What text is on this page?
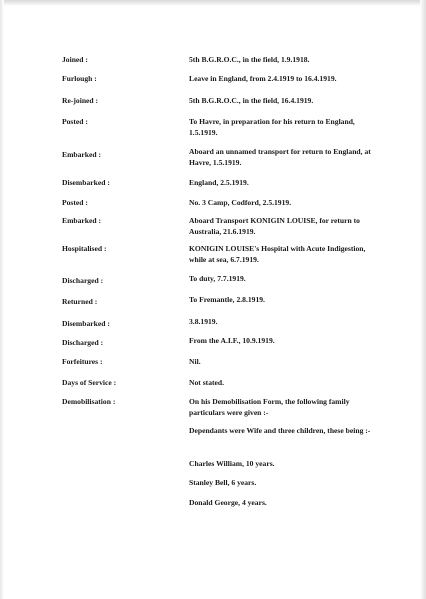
Joined :	5th B.G.R.O.C., in the field, 1.9.1918.
Furlough :	Leave in England, from 2.4.1919 to 16.4.1919.
Re-joined :	5th B.G.R.O.C., in the field, 16.4.1919.
Posted :	To Havre, in preparation for his return to England, 1.5.1919.
Embarked :	Aboard an unnamed transport for return to England, at Havre, 1.5.1919.
Disembarked :	England, 2.5.1919.
Posted :	No. 3 Camp, Codford, 2.5.1919.
Embarked :	Aboard Transport KONIGIN LOUISE, for return to Australia, 21.6.1919.
Hospitalised :	KONIGIN LOUISE's Hospital with Acute Indigestion, while at sea, 6.7.1919.
Discharged :	To duty, 7.7.1919.
Returned :	To Fremantle, 2.8.1919.
Disembarked :	3.8.1919.
Discharged :	From the A.I.F., 10.9.1919.
Forfeitures :	Nil.
Days of Service :	Not stated.
Demobilisation :	On his Demobilisation Form, the following family particulars were given :-
Dependants were Wife and three children, these being :-
Charles William, 10 years.
Stanley Bell, 6 years.
Donald George, 4 years.
